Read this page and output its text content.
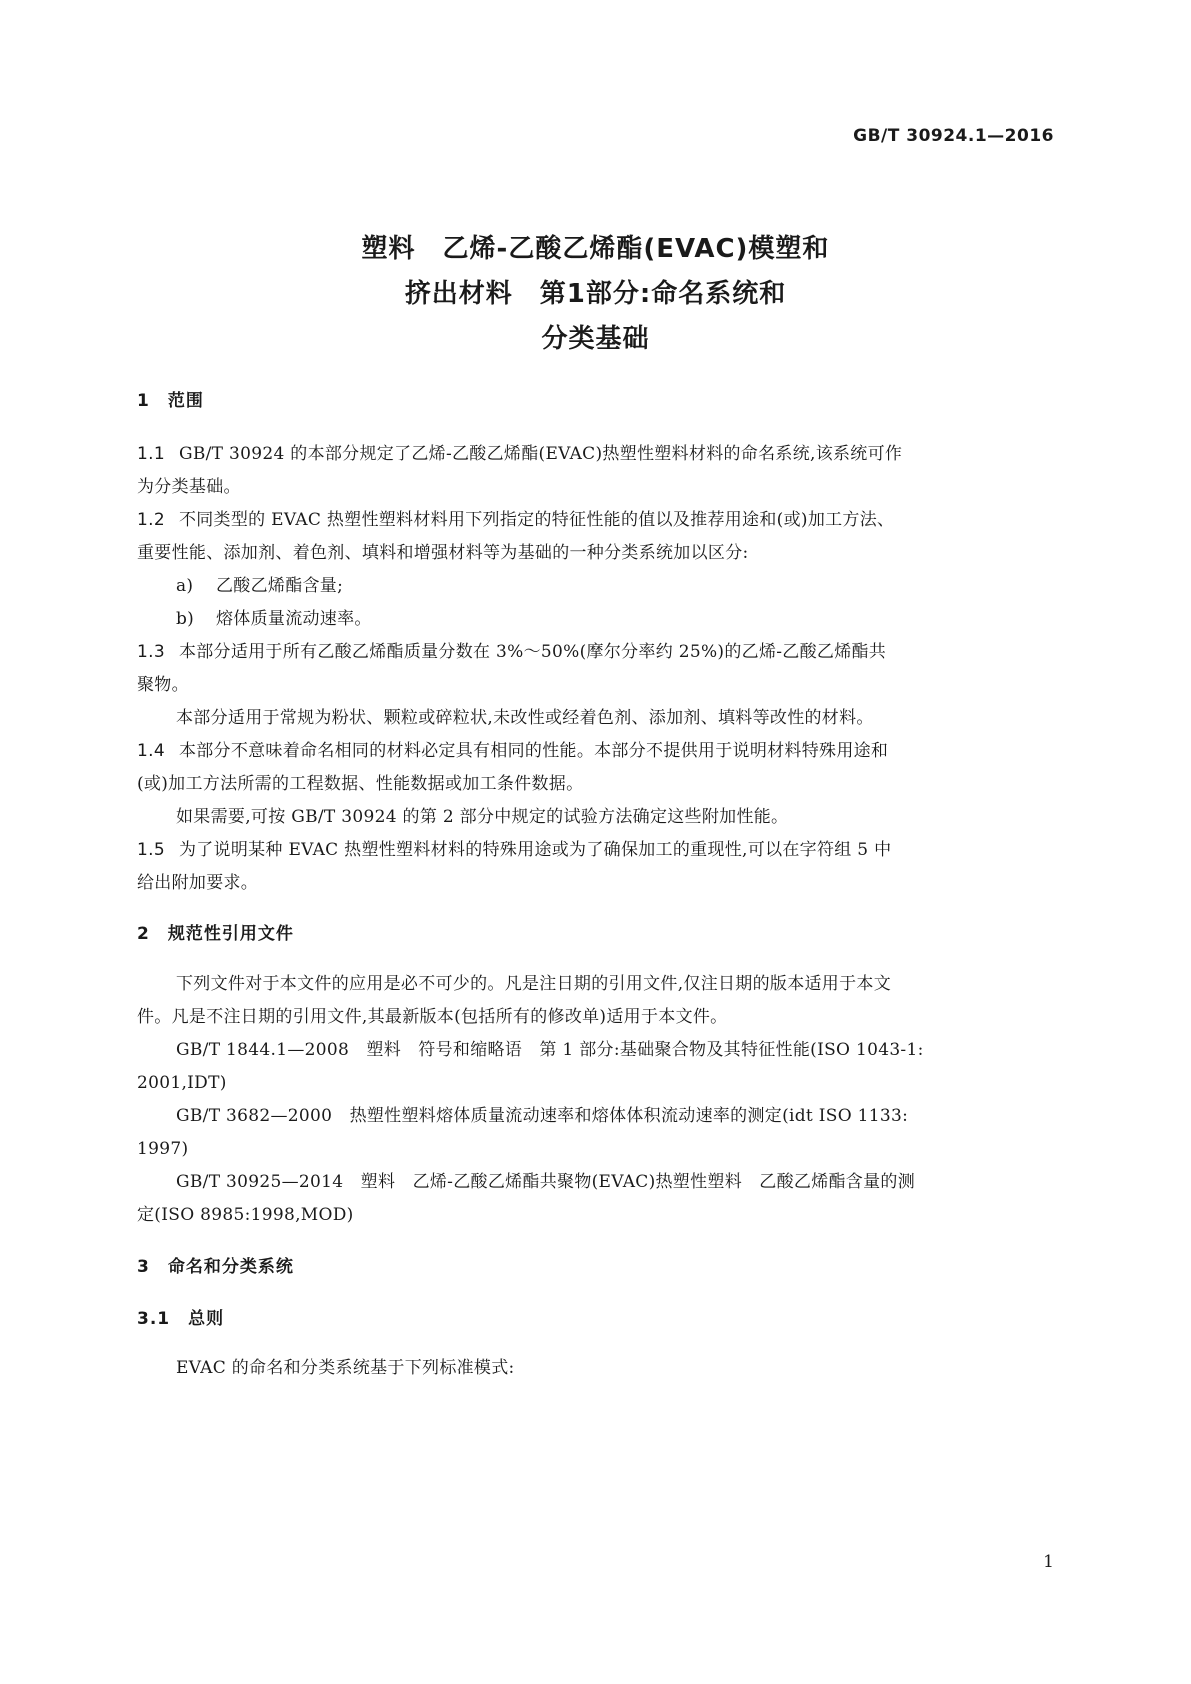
GB/T 30924.1—2016
塑料　乙烯-乙酸乙烯酯(EVAC)模塑和
挤出材料　第1部分:命名系统和
分类基础
1　范围
1.1 GB/T 30924 的本部分规定了乙烯-乙酸乙烯酯(EVAC)热塑性塑料材料的命名系统,该系统可作
为分类基础。
1.2 不同类型的 EVAC 热塑性塑料材料用下列指定的特征性能的值以及推荐用途和(或)加工方法、
重要性能、添加剂、着色剂、填料和增强材料等为基础的一种分类系统加以区分:
a) 乙酸乙烯酯含量;
b) 熔体质量流动速率。
1.3 本部分适用于所有乙酸乙烯酯质量分数在 3%～50%(摩尔分率约 25%)的乙烯-乙酸乙烯酯共
聚物。
本部分适用于常规为粉状、颗粒或碎粒状,未改性或经着色剂、添加剂、填料等改性的材料。
1.4 本部分不意味着命名相同的材料必定具有相同的性能。本部分不提供用于说明材料特殊用途和
(或)加工方法所需的工程数据、性能数据或加工条件数据。
如果需要,可按 GB/T 30924 的第 2 部分中规定的试验方法确定这些附加性能。
1.5 为了说明某种 EVAC 热塑性塑料材料的特殊用途或为了确保加工的重现性,可以在字符组 5 中
给出附加要求。
2　规范性引用文件
下列文件对于本文件的应用是必不可少的。凡是注日期的引用文件,仅注日期的版本适用于本文
件。凡是不注日期的引用文件,其最新版本(包括所有的修改单)适用于本文件。
GB/T 1844.1—2008　塑料　符号和缩略语　第 1 部分:基础聚合物及其特征性能(ISO 1043-1:
2001,IDT)
GB/T 3682—2000　热塑性塑料熔体质量流动速率和熔体体积流动速率的测定(idt ISO 1133:
1997)
GB/T 30925—2014　塑料　乙烯-乙酸乙烯酯共聚物(EVAC)热塑性塑料　乙酸乙烯酯含量的测
定(ISO 8985:1998,MOD)
3　命名和分类系统
3.1　总则
EVAC 的命名和分类系统基于下列标准模式:
1
